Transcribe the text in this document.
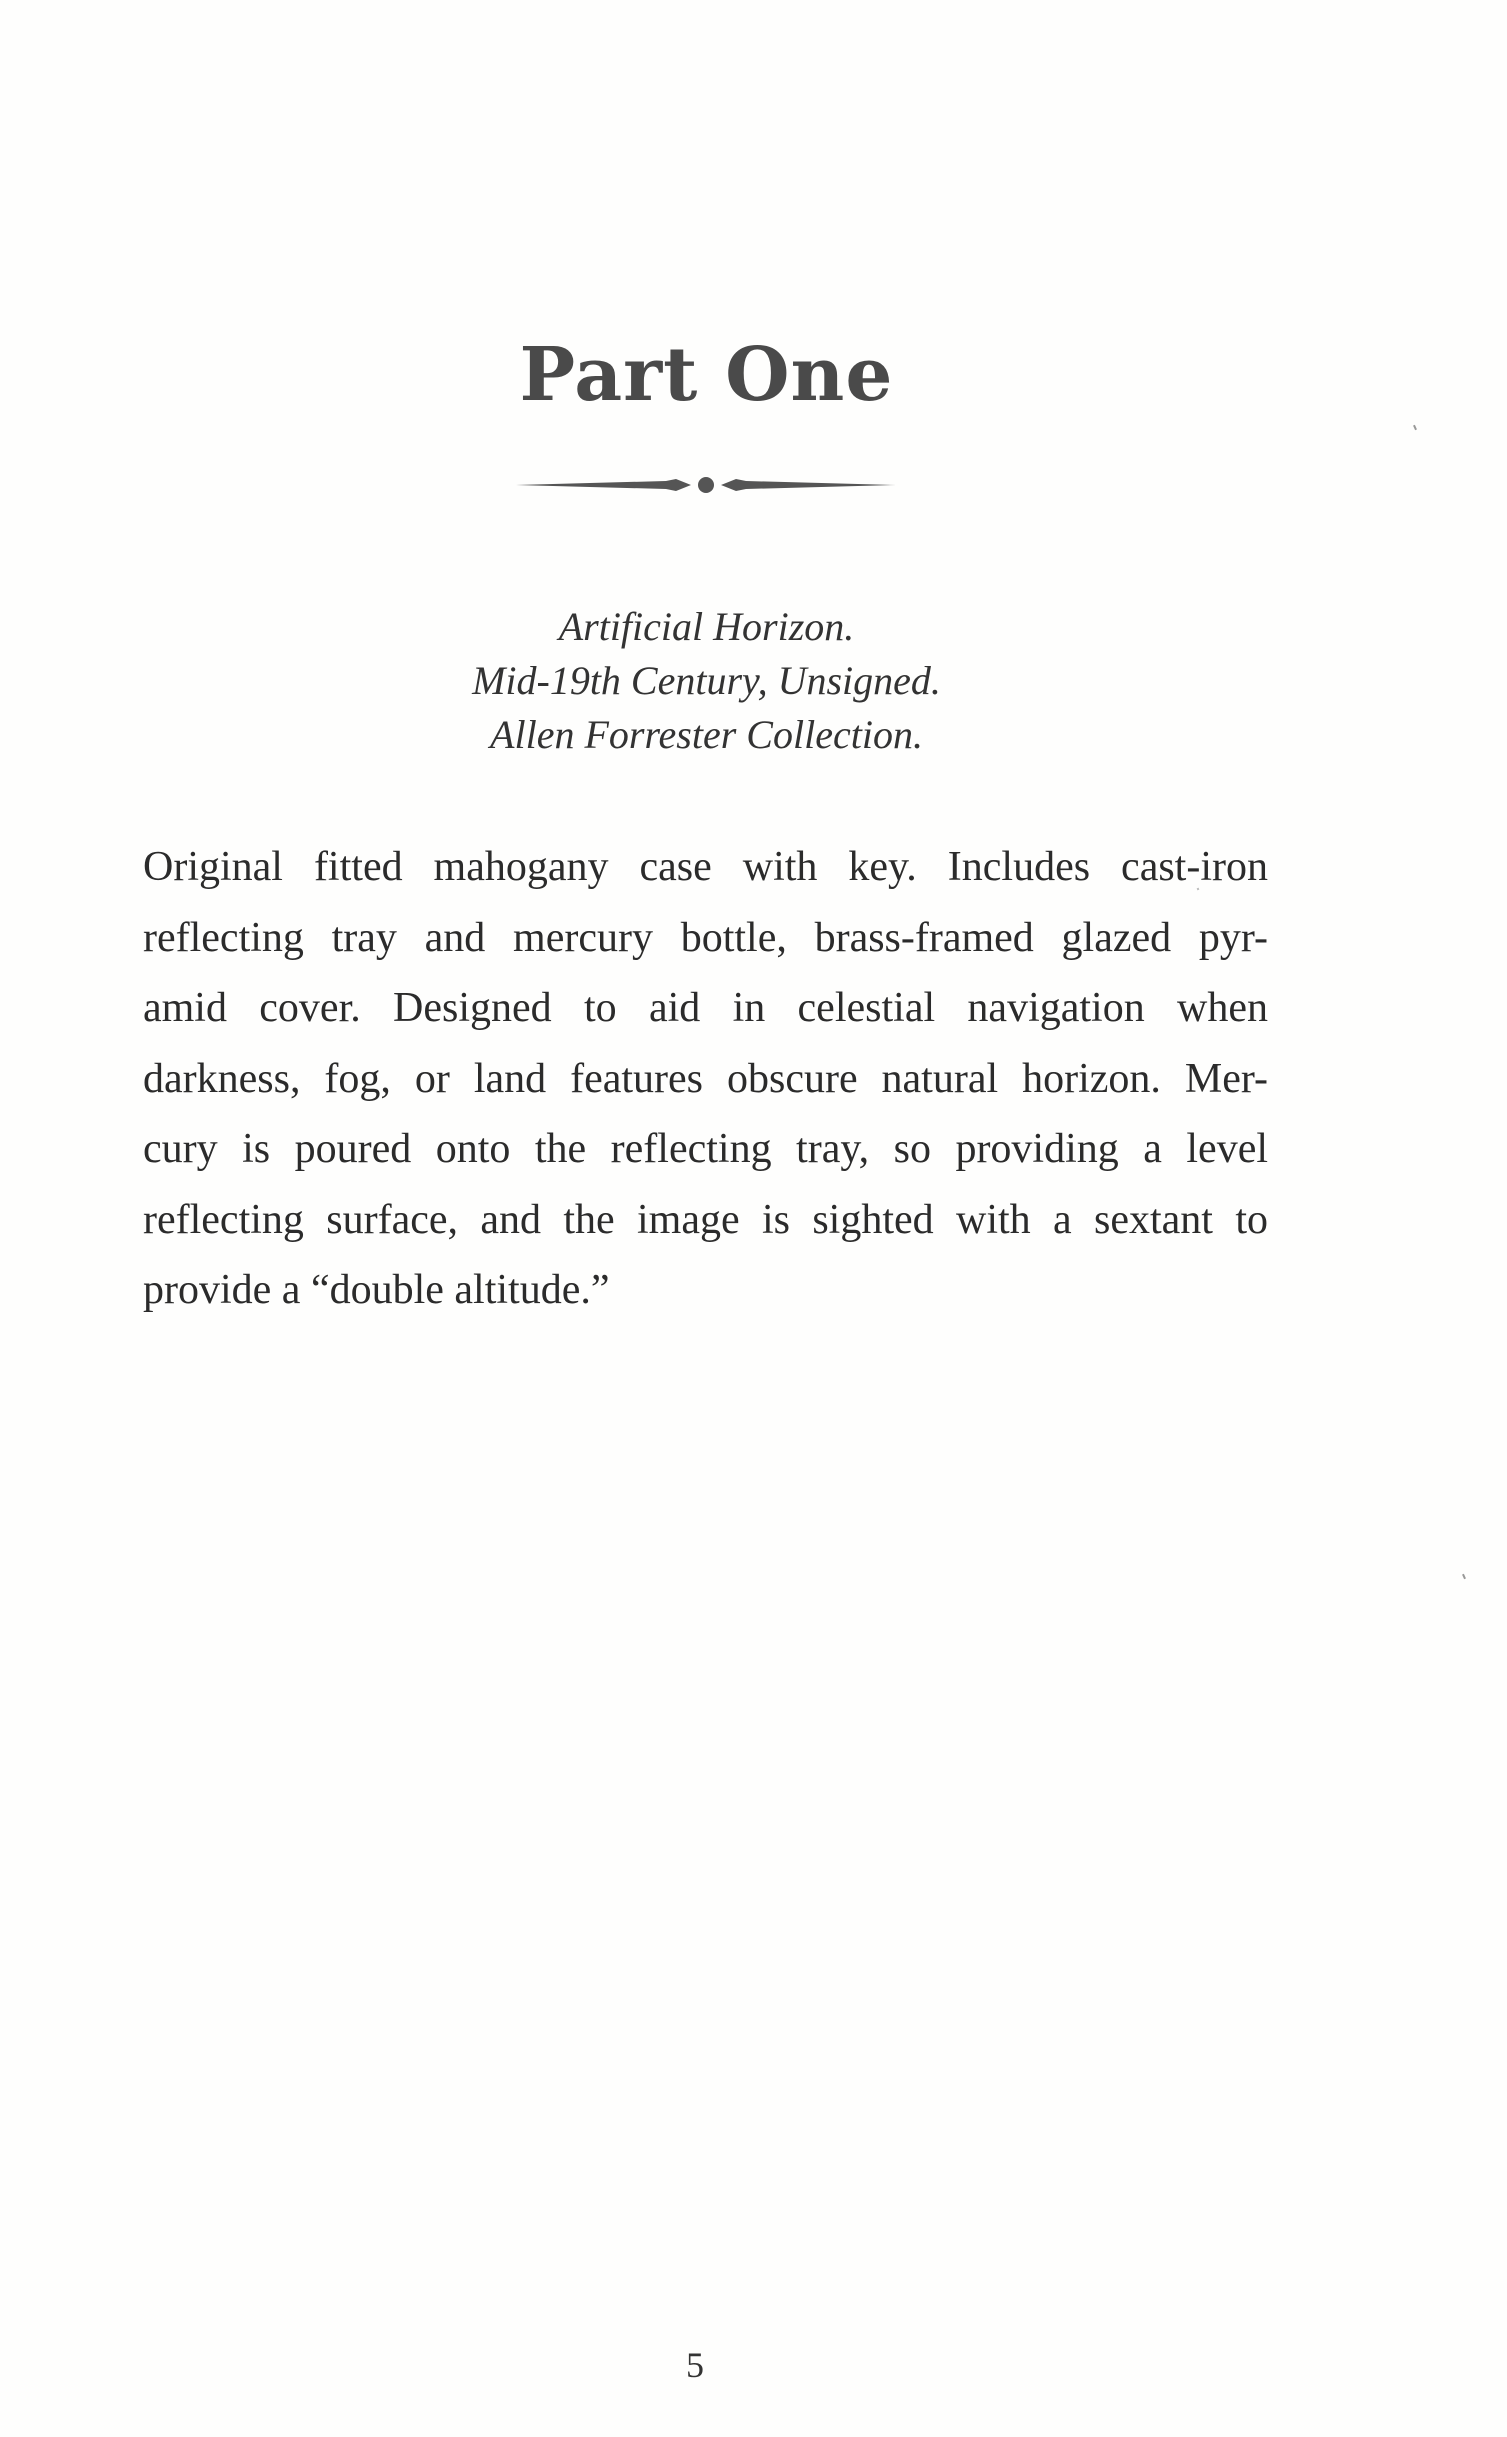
Part One
Artificial Horizon.
Mid-19th Century, Unsigned.
Allen Forrester Collection.
Original fitted mahogany case with key. Includes cast-iron
reflecting tray and mercury bottle, brass-framed glazed pyr-
amid cover. Designed to aid in celestial navigation when
darkness, fog, or land features obscure natural horizon. Mer-
cury is poured onto the reflecting tray, so providing a level
reflecting surface, and the image is sighted with a sextant to
provide a “double altitude.”
5
